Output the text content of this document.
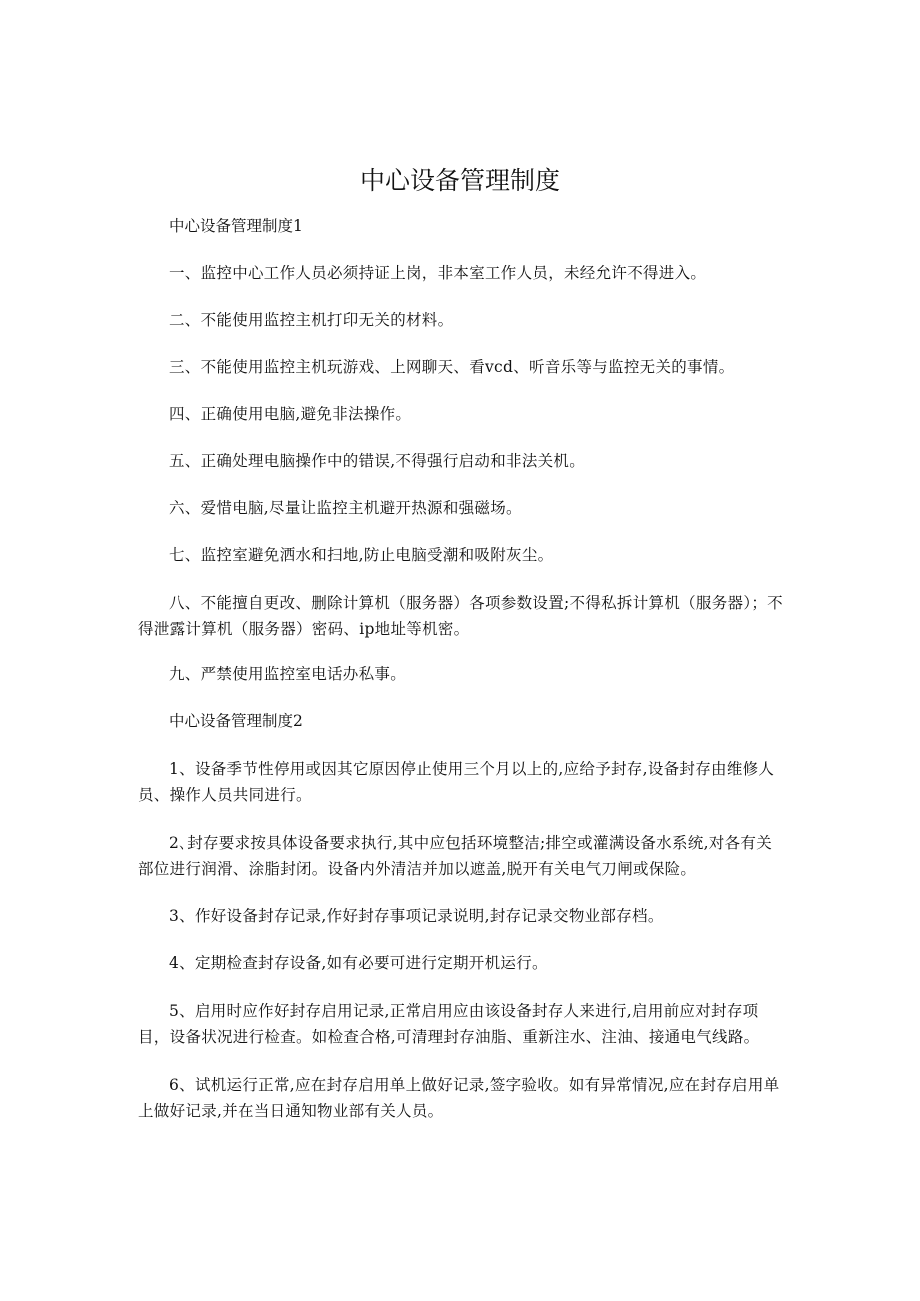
中心设备管理制度

中心设备管理制度1

一、监控中心工作人员必须持证上岗，非本室工作人员，未经允许不得进入。

二、不能使用监控主机打印无关的材料。

三、不能使用监控主机玩游戏、上网聊天、看vcd、听音乐等与监控无关的事情。

四、正确使用电脑,避免非法操作。

五、正确处理电脑操作中的错误,不得强行启动和非法关机。

六、爱惜电脑,尽量让监控主机避开热源和强磁场。

七、监控室避免洒水和扫地,防止电脑受潮和吸附灰尘。

八、不能擅自更改、删除计算机（服务器）各项参数设置;不得私拆计算机（服务器）；不得泄露计算机（服务器）密码、ip地址等机密。

九、严禁使用监控室电话办私事。

中心设备管理制度2

1、设备季节性停用或因其它原因停止使用三个月以上的,应给予封存,设备封存由维修人员、操作人员共同进行。

2､封存要求按具体设备要求执行,其中应包括环境整洁;排空或灌满设备水系统,对各有关部位进行润滑、涂脂封闭。设备内外清洁并加以遮盖,脱开有关电气刀闸或保险。

3、作好设备封存记录,作好封存事项记录说明,封存记录交物业部存档。

4、定期检查封存设备,如有必要可进行定期开机运行。

5、启用时应作好封存启用记录,正常启用应由该设备封存人来进行,启用前应对封存项目，设备状况进行检查。如检查合格,可清理封存油脂、重新注水、注油、接通电气线路。

6、试机运行正常,应在封存启用单上做好记录,签字验收。如有异常情况,应在封存启用单上做好记录,并在当日通知物业部有关人员。
